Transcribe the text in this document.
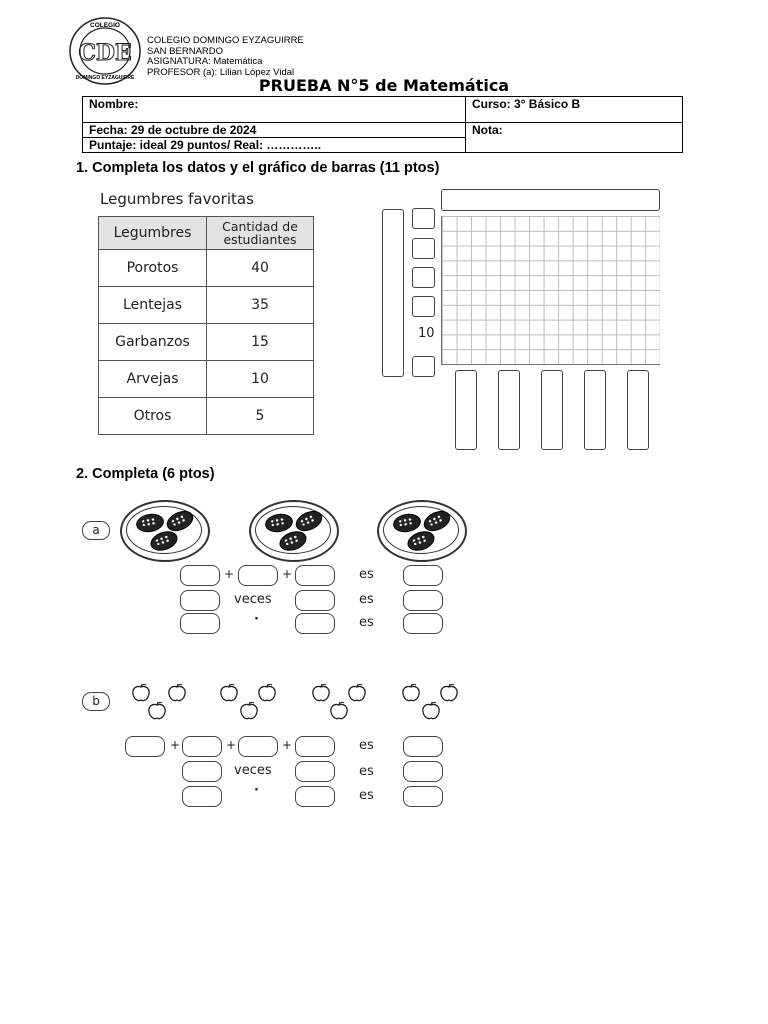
COLEGIO
CDE
DOMINGO EYZAGUIRRE
COLEGIO DOMINGO EYZAGUIRRE
SAN BERNARDO
ASIGNATURA: Matemática
PROFESOR (a): Lilian López Vidal
PRUEBA N°5 de Matemática
Nombre:	Curso: 3° Básico B
Fecha: 29 de octubre de 2024	Nota:
Puntaje: ideal 29 puntos/ Real: …………..	
1. Completa los datos y el gráfico de barras (11 ptos)
Legumbres favoritas
Legumbres	Cantidad de estudiantes
Porotos	40
Lentejas	35
Garbanzos	15
Arvejas	10
Otros	5
10
2. Completa (6 ptos)
a
+	+	es
veces	es
·	es
b
+	+	+	es
veces	es
·	es
